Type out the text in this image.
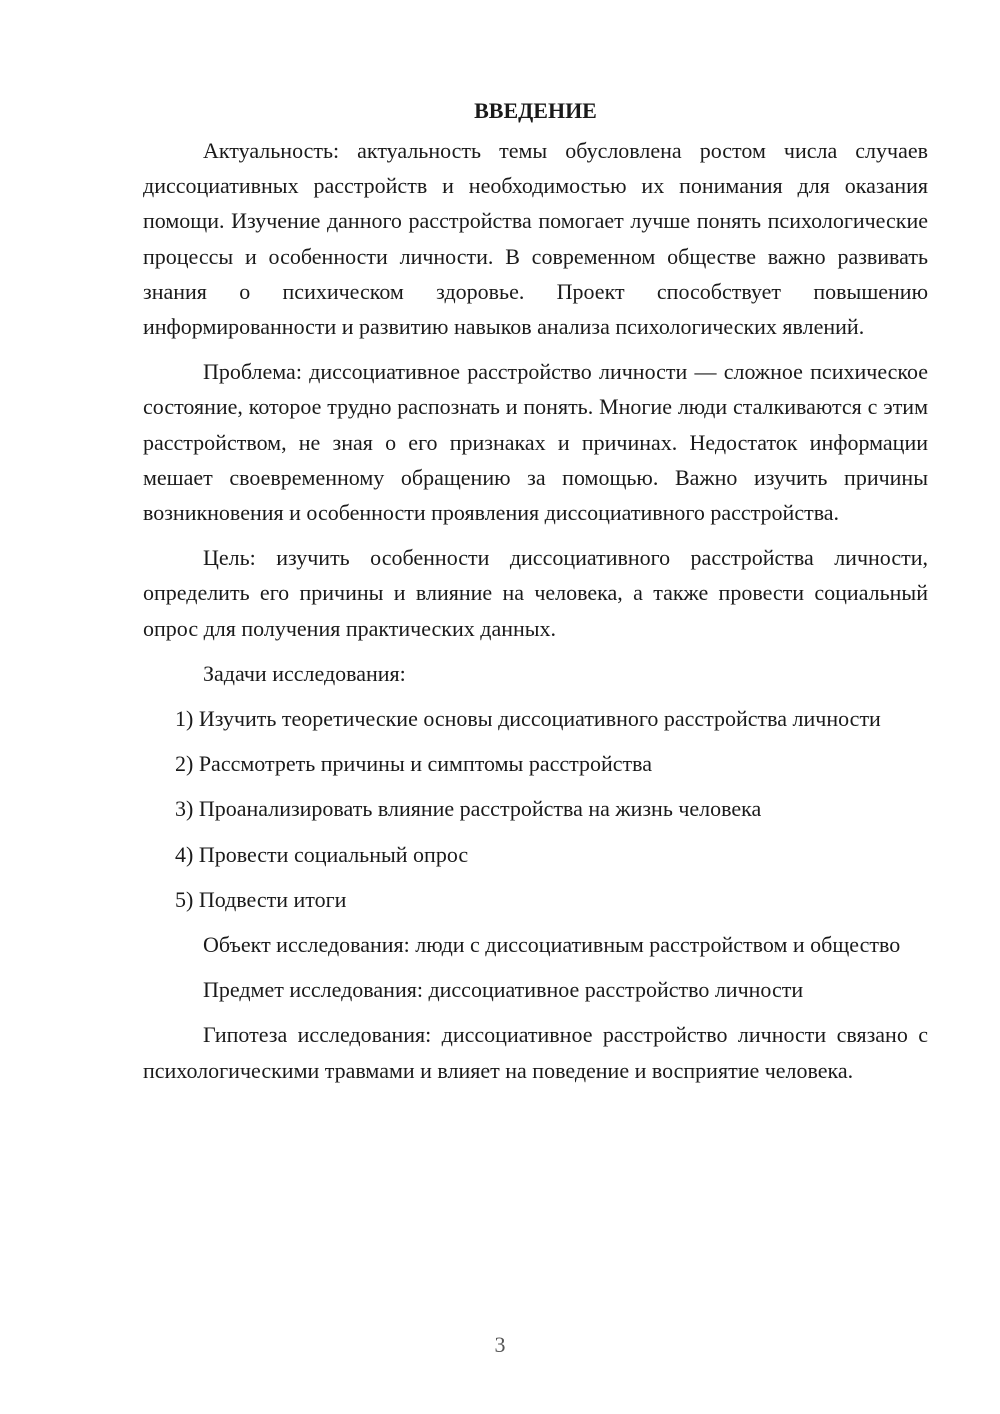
ВВЕДЕНИЕ

Актуальность: актуальность темы обусловлена ростом числа случаев диссоциативных расстройств и необходимостью их понимания для оказания помощи. Изучение данного расстройства помогает лучше понять психологические процессы и особенности личности. В современном обществе важно развивать знания о психическом здоровье. Проект способствует повышению информированности и развитию навыков анализа психологических явлений.

Проблема: диссоциативное расстройство личности — сложное психическое состояние, которое трудно распознать и понять. Многие люди сталкиваются с этим расстройством, не зная о его признаках и причинах. Недостаток информации мешает своевременному обращению за помощью. Важно изучить причины возникновения и особенности проявления диссоциативного расстройства.

Цель: изучить особенности диссоциативного расстройства личности, определить его причины и влияние на человека, а также провести социальный опрос для получения практических данных.

Задачи исследования:

1) Изучить теоретические основы диссоциативного расстройства личности

2) Рассмотреть причины и симптомы расстройства

3) Проанализировать влияние расстройства на жизнь человека

4) Провести социальный опрос

5) Подвести итоги

Объект исследования: люди с диссоциативным расстройством и общество

Предмет исследования: диссоциативное расстройство личности

Гипотеза исследования: диссоциативное расстройство личности связано с психологическими травмами и влияет на поведение и восприятие человека.

3
